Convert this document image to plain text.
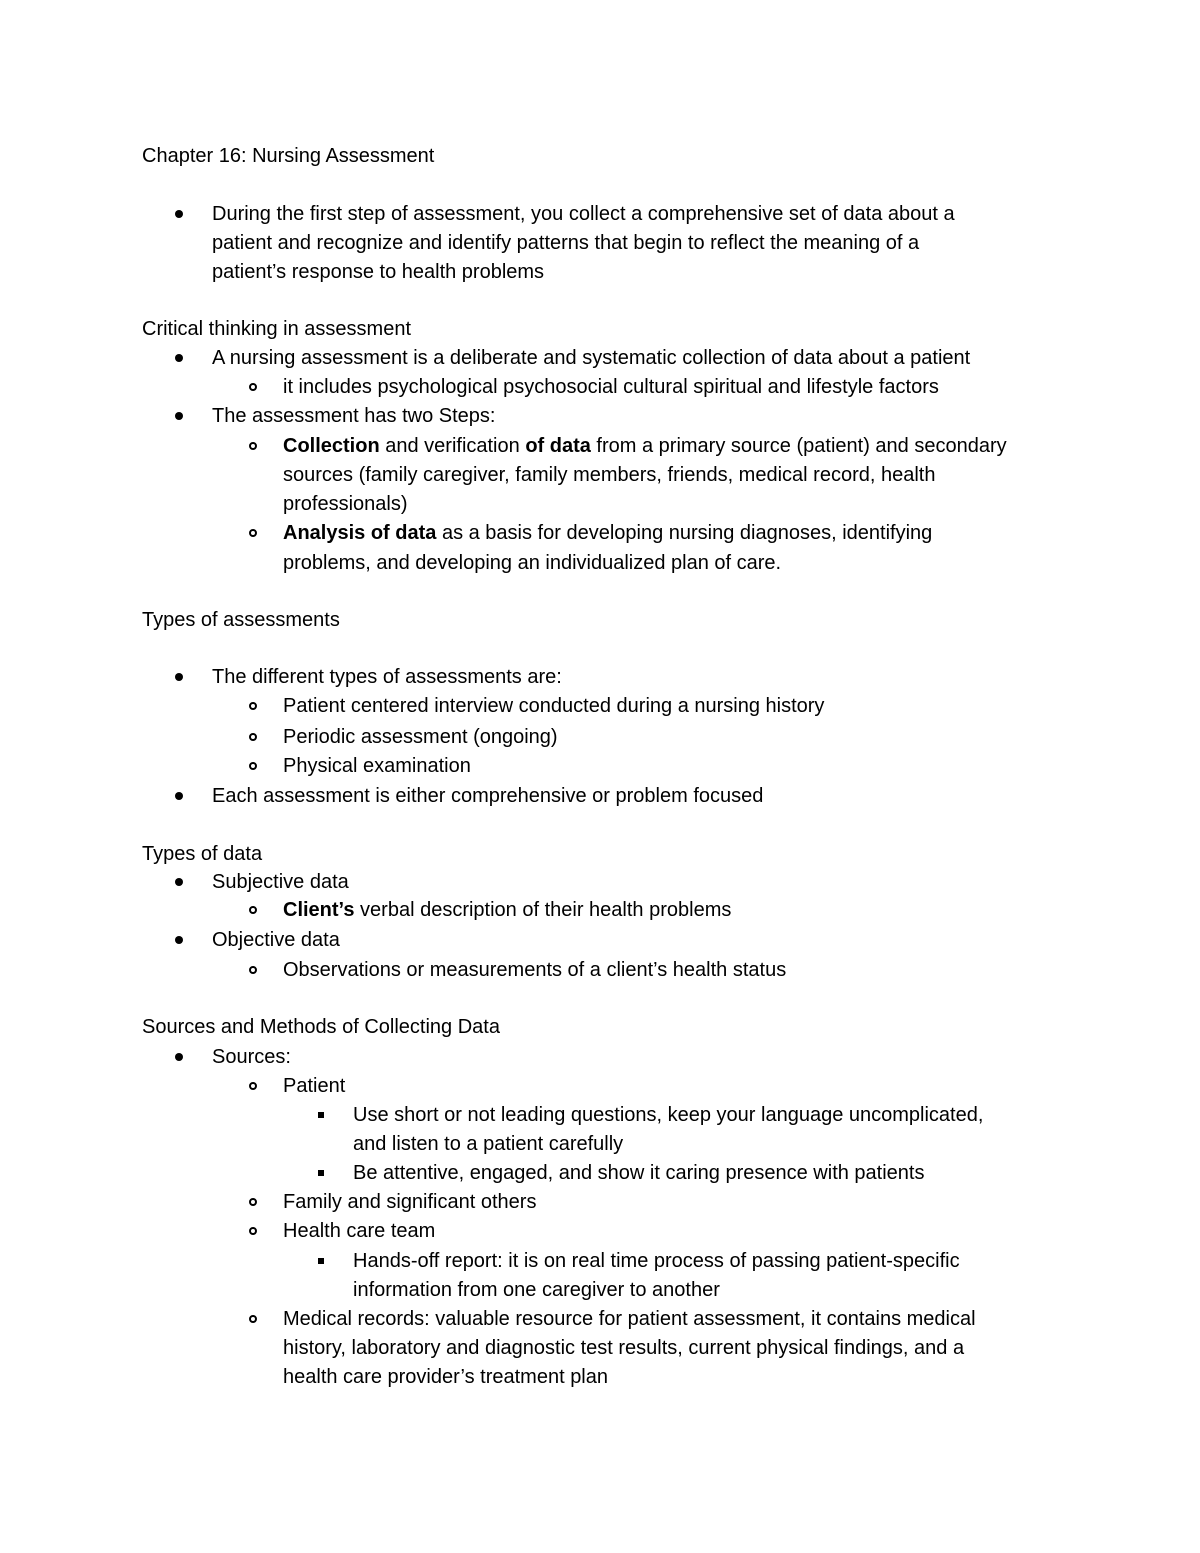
Chapter 16: Nursing Assessment

During the first step of assessment, you collect a comprehensive set of data about a

patient and recognize and identify patterns that begin to reflect the meaning of a

patient’s response to health problems

Critical thinking in assessment

A nursing assessment is a deliberate and systematic collection of data about a patient

it includes psychological psychosocial cultural spiritual and lifestyle factors

The assessment has two Steps:

Collection and verification of data from a primary source (patient) and secondary

sources (family caregiver, family members, friends, medical record, health

professionals)

Analysis of data as a basis for developing nursing diagnoses, identifying

problems, and developing an individualized plan of care.

Types of assessments

The different types of assessments are:

Patient centered interview conducted during a nursing history

Periodic assessment (ongoing)

Physical examination

Each assessment is either comprehensive or problem focused

Types of data

Subjective data

Client’s verbal description of their health problems

Objective data

Observations or measurements of a client’s health status

Sources and Methods of Collecting Data

Sources:

Patient

Use short or not leading questions, keep your language uncomplicated,

and listen to a patient carefully

Be attentive, engaged, and show it caring presence with patients

Family and significant others

Health care team

Hands-off report: it is on real time process of passing patient-specific

information from one caregiver to another

Medical records: valuable resource for patient assessment, it contains medical

history, laboratory and diagnostic test results, current physical findings, and a

health care provider’s treatment plan
